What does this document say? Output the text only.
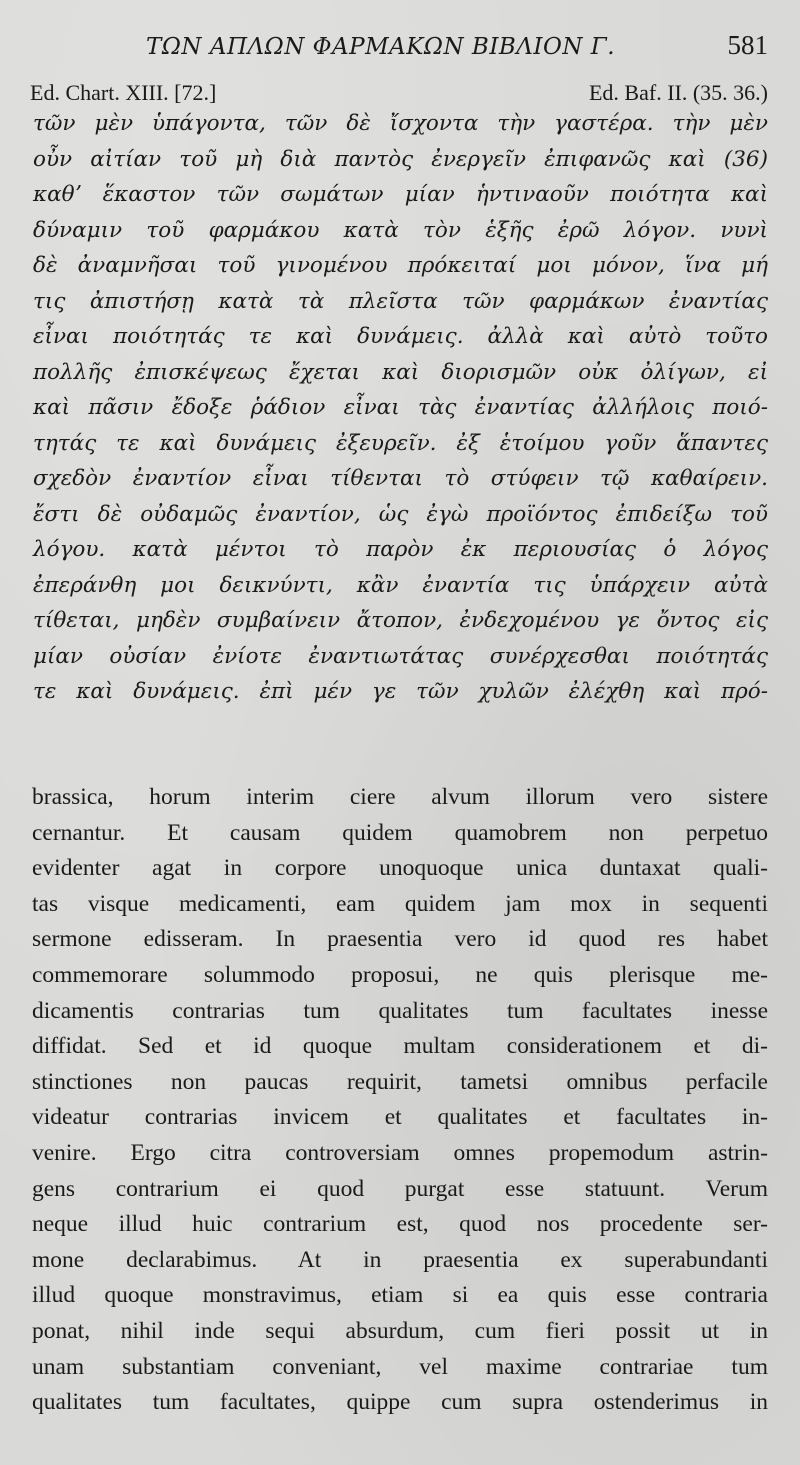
ΤΩΝ ΑΠΛΩΝ ΦΑΡΜΑΚΩΝ ΒΙΒΛΙΟΝ Γ.	581
Ed. Chart. XIII. [72.]	Ed. Baf. II. (35. 36.)
τῶν μὲν ὑπάγοντα, τῶν δὲ ἴσχοντα τὴν γαστέρα. τὴν μὲν
οὖν αἰτίαν τοῦ μὴ διὰ παντὸς ἐνεργεῖν ἐπιφανῶς καὶ (36)
καθʼ ἕκαστον τῶν σωμάτων μίαν ἡντιναοῦν ποιότητα καὶ
δύναμιν τοῦ φαρμάκου κατὰ τὸν ἑξῆς ἐρῶ λόγον. νυνὶ
δὲ ἀναμνῆσαι τοῦ γινομένου πρόκειταί μοι μόνον, ἵνα μή
τις ἀπιστήσῃ κατὰ τὰ πλεῖστα τῶν φαρμάκων ἐναντίας
εἶναι ποιότητάς τε καὶ δυνάμεις. ἀλλὰ καὶ αὐτὸ τοῦτο
πολλῆς ἐπισκέψεως ἔχεται καὶ διορισμῶν οὐκ ὀλίγων, εἰ
καὶ πᾶσιν ἔδοξε ῥάδιον εἶναι τὰς ἐναντίας ἀλλήλοις ποιό-
τητάς τε καὶ δυνάμεις ἐξευρεῖν. ἐξ ἑτοίμου γοῦν ἅπαντες
σχεδὸν ἐναντίον εἶναι τίθενται τὸ στύφειν τῷ καθαίρειν.
ἔστι δὲ οὐδαμῶς ἐναντίον, ὡς ἐγὼ προϊόντος ἐπιδείξω τοῦ
λόγου. κατὰ μέντοι τὸ παρὸν ἐκ περιουσίας ὁ λόγος
ἐπεράνθη μοι δεικνύντι, κἂν ἐναντία τις ὑπάρχειν αὐτὰ
τίθεται, μηδὲν συμβαίνειν ἄτοπον, ἐνδεχομένου γε ὄντος εἰς
μίαν οὐσίαν ἐνίοτε ἐναντιωτάτας συνέρχεσθαι ποιότητάς
τε καὶ δυνάμεις. ἐπὶ μέν γε τῶν χυλῶν ἐλέχθη καὶ πρό-
brassica, horum interim ciere alvum illorum vero sistere
cernantur. Et causam quidem quamobrem non perpetuo
evidenter agat in corpore unoquoque unica duntaxat quali-
tas visque medicamenti, eam quidem jam mox in sequenti
sermone edisseram. In praesentia vero id quod res habet
commemorare solummodo proposui, ne quis plerisque me-
dicamentis contrarias tum qualitates tum facultates inesse
diffidat. Sed et id quoque multam considerationem et di-
stinctiones non paucas requirit, tametsi omnibus perfacile
videatur contrarias invicem et qualitates et facultates in-
venire. Ergo citra controversiam omnes propemodum astrin-
gens contrarium ei quod purgat esse statuunt. Verum
neque illud huic contrarium est, quod nos procedente ser-
mone declarabimus. At in praesentia ex superabundanti
illud quoque monstravimus, etiam si ea quis esse contraria
ponat, nihil inde sequi absurdum, cum fieri possit ut in
unam substantiam conveniant, vel maxime contrariae tum
qualitates tum facultates, quippe cum supra ostenderimus in
